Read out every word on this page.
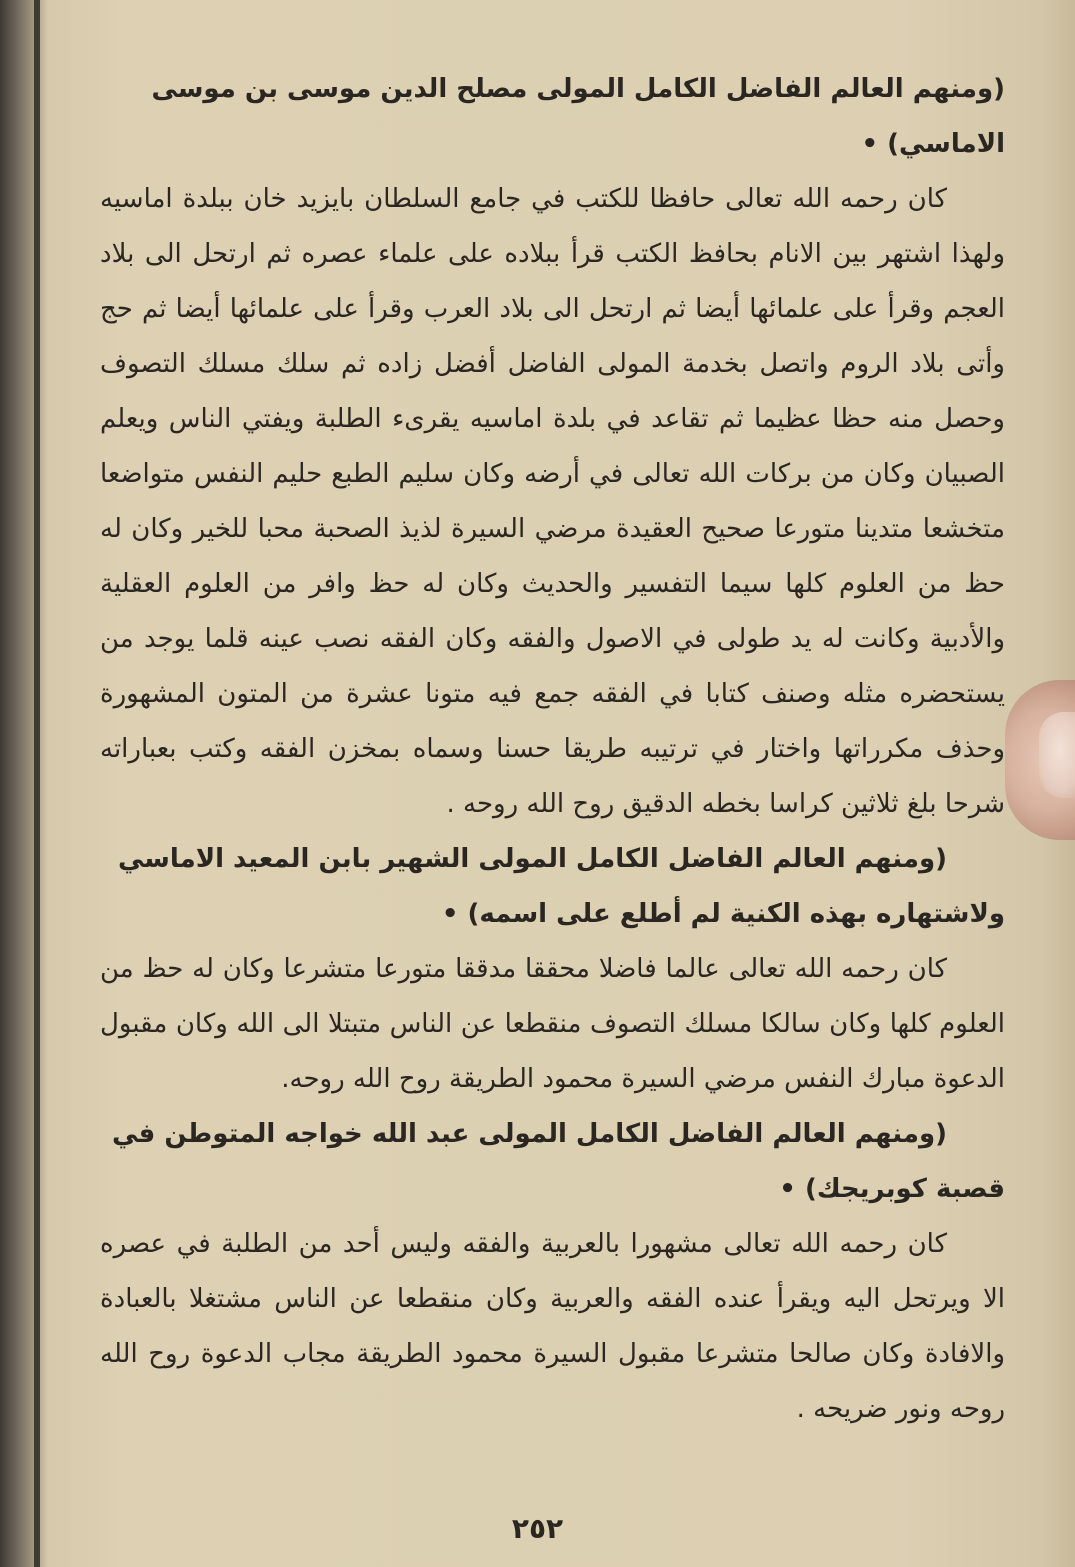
(ومنهم العالم الفاضل الكامل المولى مصلح الدين موسى بن موسى الاماسي) •

كان رحمه الله تعالى حافظا للكتب في جامع السلطان بايزيد خان ببلدة اماسيه ولهذا اشتهر بين الانام بحافظ الكتب قرأ ببلاده على علماء عصره ثم ارتحل الى بلاد العجم وقرأ على علمائها أيضا ثم ارتحل الى بلاد العرب وقرأ على علمائها أيضا ثم حج وأتى بلاد الروم واتصل بخدمة المولى الفاضل أفضل زاده ثم سلك مسلك التصوف وحصل منه حظا عظيما ثم تقاعد في بلدة اماسيه يقرىء الطلبة ويفتي الناس ويعلم الصبيان وكان من بركات الله تعالى في أرضه وكان سليم الطبع حليم النفس متواضعا متخشعا متدينا متورعا صحيح العقيدة مرضي السيرة لذيذ الصحبة محبا للخير وكان له حظ من العلوم كلها سيما التفسير والحديث وكان له حظ وافر من العلوم العقلية والأدبية وكانت له يد طولى في الاصول والفقه وكان الفقه نصب عينه قلما يوجد من يستحضره مثله وصنف كتابا في الفقه جمع فيه متونا عشرة من المتون المشهورة وحذف مكرراتها واختار في ترتيبه طريقا حسنا وسماه بمخزن الفقه وكتب بعباراته شرحا بلغ ثلاثين كراسا بخطه الدقيق روح الله روحه .

(ومنهم العالم الفاضل الكامل المولى الشهير بابن المعيد الاماسي ولاشتهاره بهذه الكنية لم أطلع على اسمه) •

كان رحمه الله تعالى عالما فاضلا محققا مدققا متورعا متشرعا وكان له حظ من العلوم كلها وكان سالكا مسلك التصوف منقطعا عن الناس متبتلا الى الله وكان مقبول الدعوة مبارك النفس مرضي السيرة محمود الطريقة روح الله روحه.

(ومنهم العالم الفاضل الكامل المولى عبد الله خواجه المتوطن في قصبة كوبريجك) •

كان رحمه الله تعالى مشهورا بالعربية والفقه وليس أحد من الطلبة في عصره الا ويرتحل اليه ويقرأ عنده الفقه والعربية وكان منقطعا عن الناس مشتغلا بالعبادة والافادة وكان صالحا متشرعا مقبول السيرة محمود الطريقة مجاب الدعوة روح الله روحه ونور ضريحه .

٢٥٢
